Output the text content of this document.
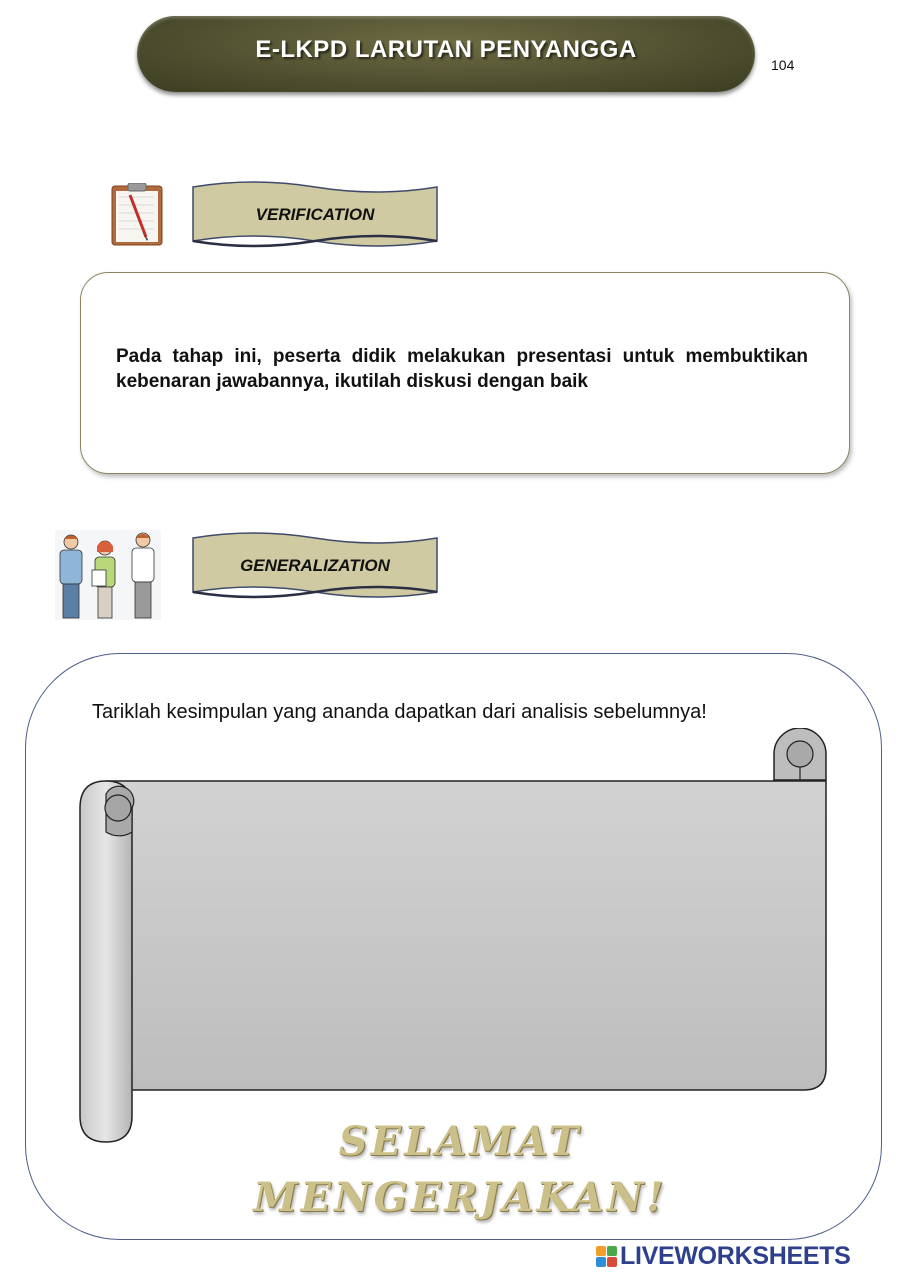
E-LKPD LARUTAN PENYANGGA
104
VERIFICATION
Pada tahap ini, peserta didik melakukan presentasi untuk membuktikan kebenaran jawabannya, ikutilah diskusi dengan baik
GENERALIZATION
Tariklah kesimpulan yang ananda dapatkan dari analisis sebelumnya!
SELAMAT
MENGERJAKAN!
LIVEWORKSHEETS
